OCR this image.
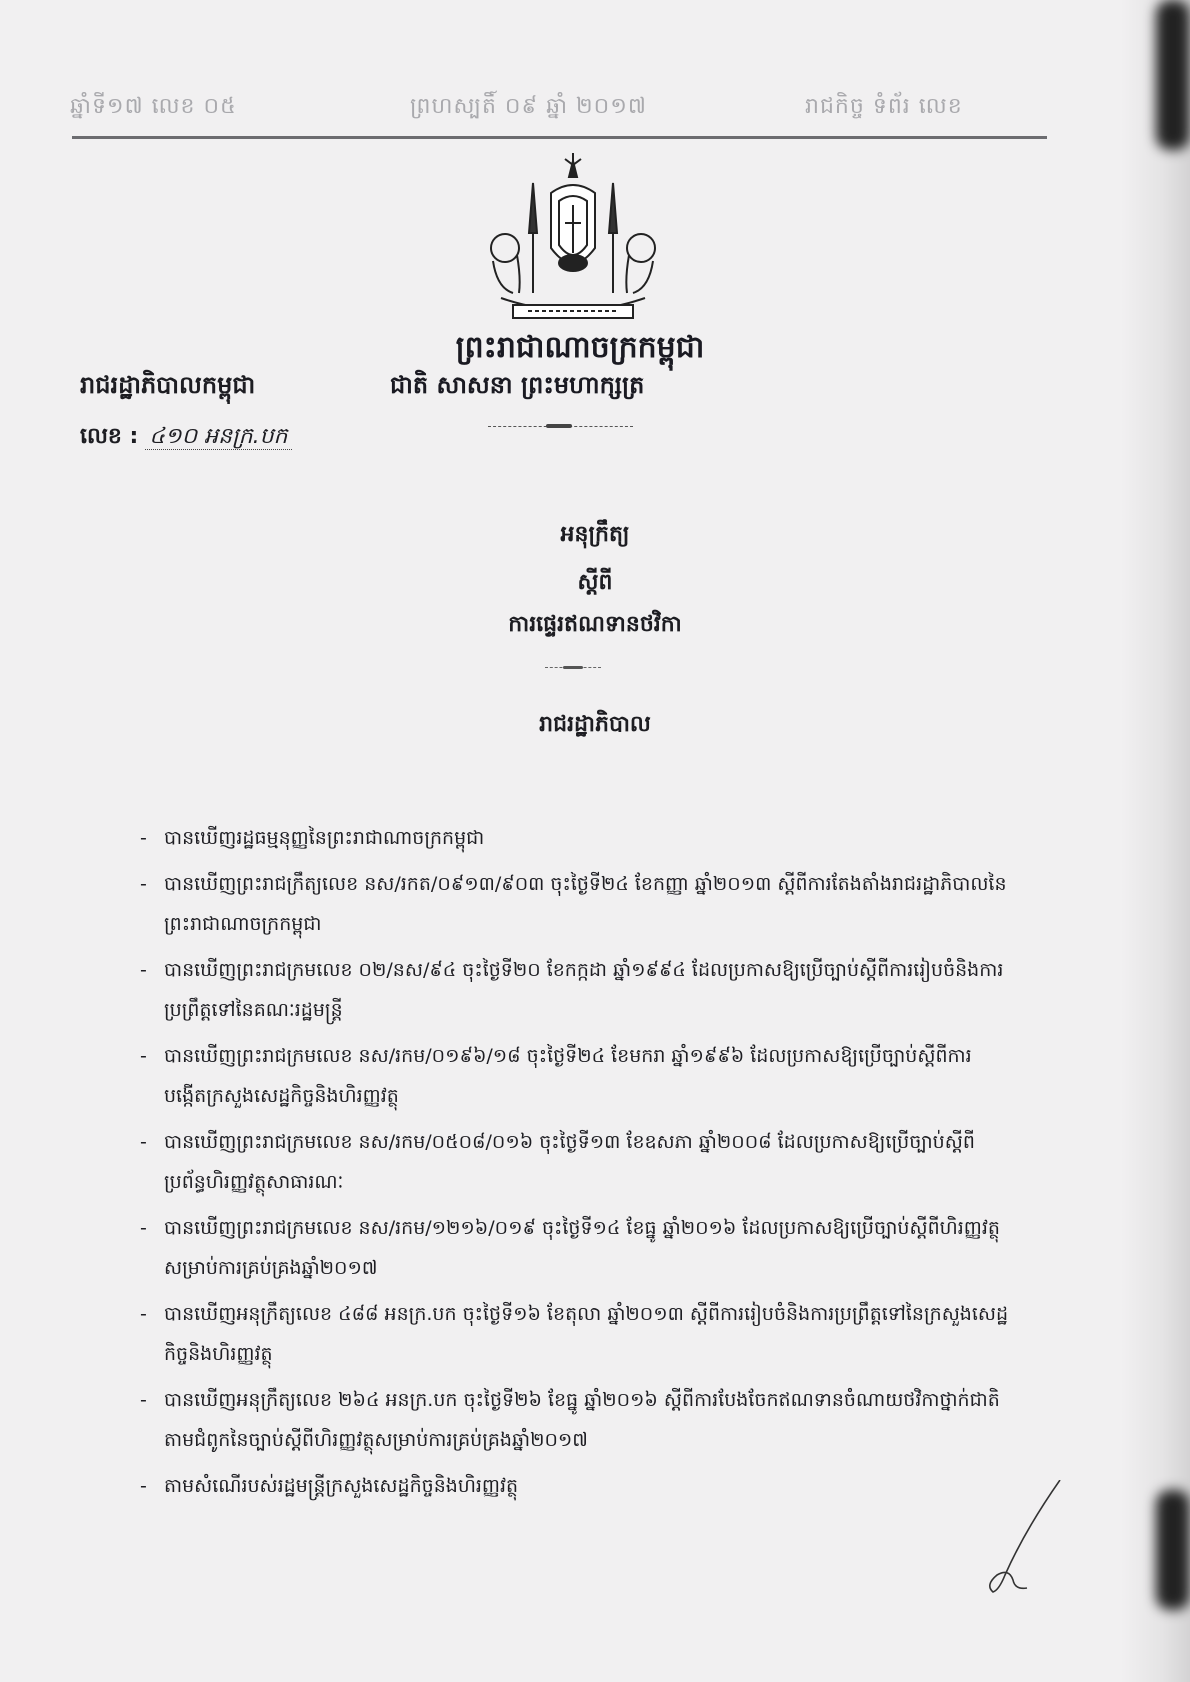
ឆ្នាំទី១៧ លេខ ០៥	ព្រហស្បតិ៍ ០៩ ឆ្នាំ ២០១៧	រាជកិច្ច ទំព័រ លេខ
ព្រះរាជាណាចក្រកម្ពុជា
ជាតិ សាសនា ព្រះមហាក្សត្រ
រាជរដ្ឋាភិបាលកម្ពុជា
លេខ : ៤១០ អនក្រ.បក
អនុក្រឹត្យ
ស្តីពី
ការផ្ទេរឥណទានថវិកា
រាជរដ្ឋាភិបាល
- បានឃើញរដ្ឋធម្មនុញ្ញនៃព្រះរាជាណាចក្រកម្ពុជា
- បានឃើញព្រះរាជក្រឹត្យលេខ នស/រកត/០៩១៣/៩០៣ ចុះថ្ងៃទី២៤ ខែកញ្ញា ឆ្នាំ២០១៣ ស្តីពីការតែងតាំងរាជរដ្ឋាភិបាលនៃព្រះរាជាណាចក្រកម្ពុជា
- បានឃើញព្រះរាជក្រមលេខ ០២/នស/៩៤ ចុះថ្ងៃទី២០ ខែកក្កដា ឆ្នាំ១៩៩៤ ដែលប្រកាសឱ្យប្រើច្បាប់ស្តីពីការរៀបចំនិងការប្រព្រឹត្តទៅនៃគណៈរដ្ឋមន្ត្រី
- បានឃើញព្រះរាជក្រមលេខ នស/រកម/០១៩៦/១៨ ចុះថ្ងៃទី២៤ ខែមករា ឆ្នាំ១៩៩៦ ដែលប្រកាសឱ្យប្រើច្បាប់ស្តីពីការបង្កើតក្រសួងសេដ្ឋកិច្ចនិងហិរញ្ញវត្ថុ
- បានឃើញព្រះរាជក្រមលេខ នស/រកម/០៥០៨/០១៦ ចុះថ្ងៃទី១៣ ខែឧសភា ឆ្នាំ២០០៨ ដែលប្រកាសឱ្យប្រើច្បាប់ស្តីពីប្រព័ន្ធហិរញ្ញវត្ថុសាធារណៈ
- បានឃើញព្រះរាជក្រមលេខ នស/រកម/១២១៦/០១៩ ចុះថ្ងៃទី១៤ ខែធ្នូ ឆ្នាំ២០១៦ ដែលប្រកាសឱ្យប្រើច្បាប់ស្តីពីហិរញ្ញវត្ថុសម្រាប់ការគ្រប់គ្រងឆ្នាំ២០១៧
- បានឃើញអនុក្រឹត្យលេខ ៤៨៨ អនក្រ.បក ចុះថ្ងៃទី១៦ ខែតុលា ឆ្នាំ២០១៣ ស្តីពីការរៀបចំនិងការប្រព្រឹត្តទៅនៃក្រសួងសេដ្ឋកិច្ចនិងហិរញ្ញវត្ថុ
- បានឃើញអនុក្រឹត្យលេខ ២៦៤ អនក្រ.បក ចុះថ្ងៃទី២៦ ខែធ្នូ ឆ្នាំ២០១៦ ស្តីពីការបែងចែកឥណទានចំណាយថវិកាថ្នាក់ជាតិតាមជំពូកនៃច្បាប់ស្តីពីហិរញ្ញវត្ថុសម្រាប់ការគ្រប់គ្រងឆ្នាំ២០១៧
- តាមសំណើរបស់រដ្ឋមន្ត្រីក្រសួងសេដ្ឋកិច្ចនិងហិរញ្ញវត្ថុ
